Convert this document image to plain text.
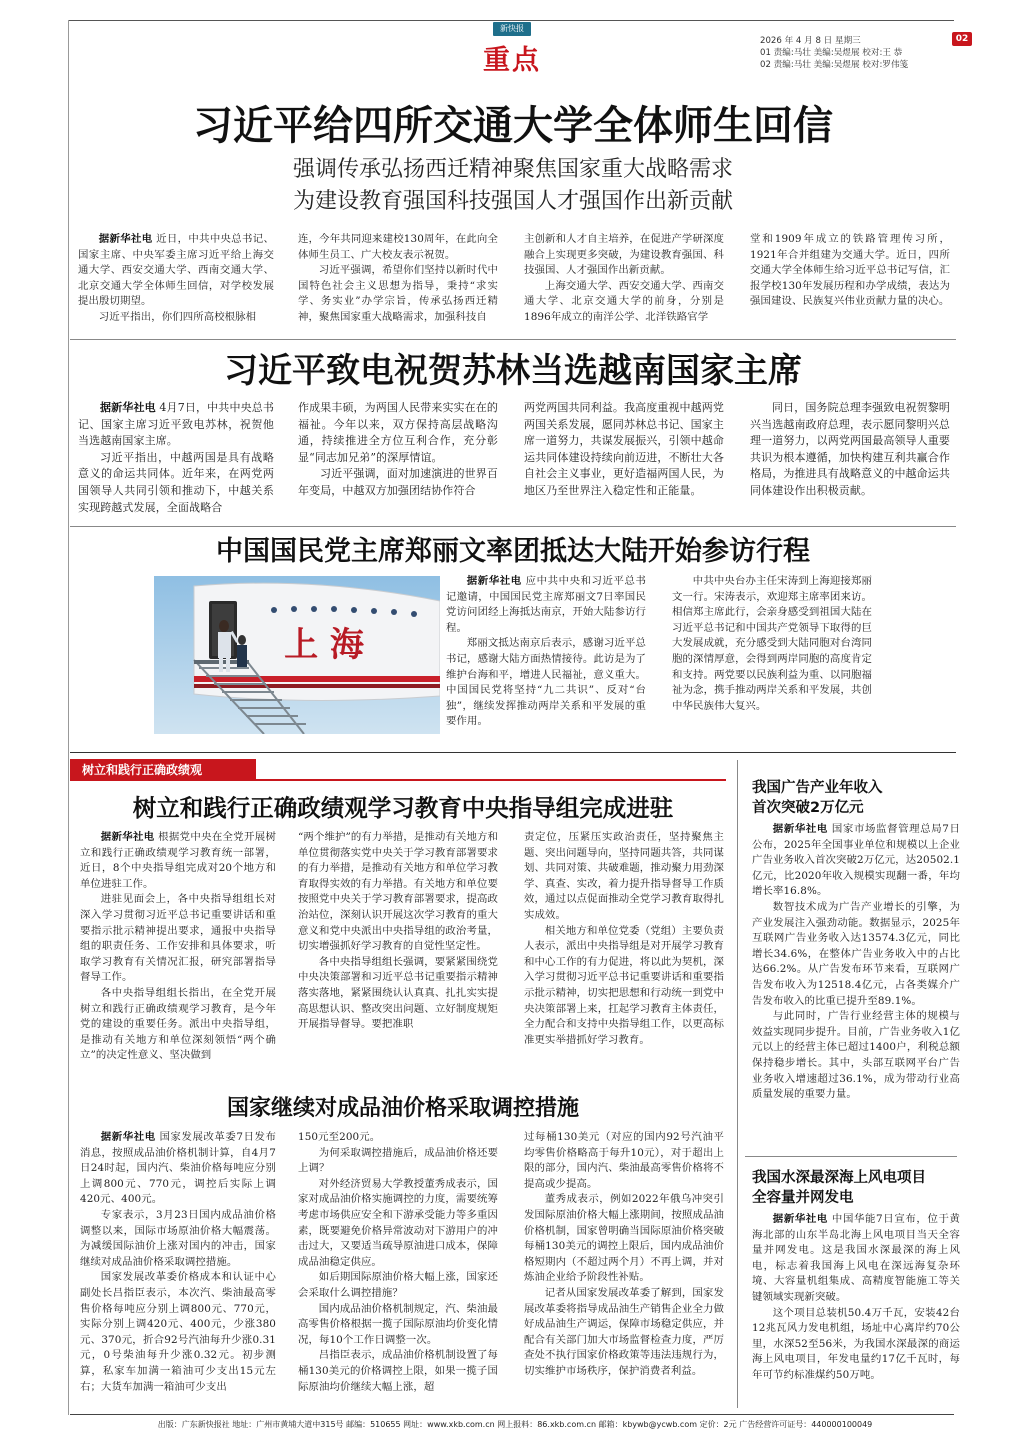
新快报
重点
2026 年 4 月 8 日 星期三
01 责编:马壮 美编:吴煜展 校对:王 恭
02 责编:马壮 美编:吴煜展 校对:罗伟笺
02
习近平给四所交通大学全体师生回信
强调传承弘扬西迁精神聚焦国家重大战略需求
为建设教育强国科技强国人才强国作出新贡献

据新华社电 近日，中共中央总书记、国家主席、中央军委主席习近平给上海交通大学、西安交通大学、西南交通大学、北京交通大学全体师生回信，对学校发展提出殷切期望。

习近平指出，你们四所高校根脉相

连，今年共同迎来建校130周年，在此向全体师生员工、广大校友表示祝贺。

习近平强调，希望你们坚持以新时代中国特色社会主义思想为指导，秉持“求实学、务实业”办学宗旨，传承弘扬西迁精神，聚焦国家重大战略需求，加强科技自

主创新和人才自主培养，在促进产学研深度融合上实现更多突破，为建设教育强国、科技强国、人才强国作出新贡献。

上海交通大学、西安交通大学、西南交通大学、北京交通大学的前身，分别是1896年成立的南洋公学、北洋铁路官学

堂和1909年成立的铁路管理传习所，1921年合并组建为交通大学。近日，四所交通大学全体师生给习近平总书记写信，汇报学校130年发展历程和办学成绩，表达为强国建设、民族复兴伟业贡献力量的决心。

习近平致电祝贺苏林当选越南国家主席

据新华社电 4月7日，中共中央总书记、国家主席习近平致电苏林，祝贺他当选越南国家主席。

习近平指出，中越两国是具有战略意义的命运共同体。近年来，在两党两国领导人共同引领和推动下，中越关系实现跨越式发展，全面战略合

作成果丰硕，为两国人民带来实实在在的福祉。今年以来，双方保持高层战略沟通，持续推进全方位互利合作，充分彰显“同志加兄弟”的深厚情谊。

习近平强调，面对加速演进的世界百年变局，中越双方加强团结协作符合

两党两国共同利益。我高度重视中越两党两国关系发展，愿同苏林总书记、国家主席一道努力，共谋发展振兴，引领中越命运共同体建设持续向前迈进，不断壮大各自社会主义事业，更好造福两国人民，为地区乃至世界注入稳定性和正能量。

同日，国务院总理李强致电祝贺黎明兴当选越南政府总理，表示愿同黎明兴总理一道努力，以两党两国最高领导人重要共识为根本遵循，加快构建互利共赢合作格局，为推进具有战略意义的中越命运共同体建设作出积极贡献。

中国国民党主席郑丽文率团抵达大陆开始参访行程
上 海

据新华社电 应中共中央和习近平总书记邀请，中国国民党主席郑丽文7日率国民党访问团经上海抵达南京，开始大陆参访行程。

郑丽文抵达南京后表示，感谢习近平总书记，感谢大陆方面热情接待。此访是为了维护台海和平，增进人民福祉，意义重大。中国国民党将坚持“九二共识”、反对“台独”，继续发挥推动两岸关系和平发展的重要作用。

中共中央台办主任宋涛到上海迎接郑丽文一行。宋涛表示，欢迎郑主席率团来访。相信郑主席此行，会亲身感受到祖国大陆在习近平总书记和中国共产党领导下取得的巨大发展成就，充分感受到大陆同胞对台湾同胞的深情厚意，会得到两岸同胞的高度肯定和支持。两党要以民族利益为重、以同胞福祉为念，携手推动两岸关系和平发展，共创中华民族伟大复兴。

树立和践行正确政绩观
树立和践行正确政绩观学习教育中央指导组完成进驻

据新华社电 根据党中央在全党开展树立和践行正确政绩观学习教育统一部署，近日，8个中央指导组完成对20个地方和单位进驻工作。

进驻见面会上，各中央指导组组长对深入学习贯彻习近平总书记重要讲话和重要指示批示精神提出要求，通报中央指导组的职责任务、工作安排和具体要求，听取学习教育有关情况汇报，研究部署指导督导工作。

各中央指导组组长指出，在全党开展树立和践行正确政绩观学习教育，是今年党的建设的重要任务。派出中央指导组，是推动有关地方和单位深刻领悟“两个确立”的决定性意义、坚决做到

“两个维护”的有力举措，是推动有关地方和单位贯彻落实党中央关于学习教育部署要求的有力举措，是推动有关地方和单位学习教育取得实效的有力举措。有关地方和单位要按照党中央关于学习教育部署要求，提高政治站位，深刻认识开展这次学习教育的重大意义和党中央派出中央指导组的政治考量，切实增强抓好学习教育的自觉性坚定性。

各中央指导组组长强调，要紧紧围绕党中央决策部署和习近平总书记重要指示精神落实落地，紧紧围绕认认真真、扎扎实实提高思想认识、整改突出问题、立好制度规矩开展指导督导。要把准职

责定位，压紧压实政治责任，坚持聚焦主题、突出问题导向，坚持同题共答，共同谋划、共同对策、共破难题，推动聚力用劲深学、真查、实改，着力提升指导督导工作质效，通过以点促面推动全党学习教育取得扎实成效。

相关地方和单位党委（党组）主要负责人表示，派出中央指导组是对开展学习教育和中心工作的有力促进，将以此为契机，深入学习贯彻习近平总书记重要讲话和重要指示批示精神，切实把思想和行动统一到党中央决策部署上来，扛起学习教育主体责任，全力配合和支持中央指导组工作，以更高标准更实举措抓好学习教育。

国家继续对成品油价格采取调控措施

据新华社电 国家发展改革委7日发布消息，按照成品油价格机制计算，自4月7日24时起，国内汽、柴油价格每吨应分别上调800元、770元，调控后实际上调420元、400元。

专家表示，3月23日国内成品油价格调整以来，国际市场原油价格大幅震荡。为减缓国际油价上涨对国内的冲击，国家继续对成品油价格采取调控措施。

国家发展改革委价格成本和认证中心副处长吕指臣表示，本次汽、柴油最高零售价格每吨应分别上调800元、770元，实际分别上调420元、400元，少涨380元、370元，折合92号汽油每升少涨0.31元，0号柴油每升少涨0.32元。初步测算，私家车加满一箱油可少支出15元左右；大货车加满一箱油可少支出

150元至200元。

为何采取调控措施后，成品油价格还要上调？

对外经济贸易大学教授董秀成表示，国家对成品油价格实施调控的力度，需要统筹考虑市场供应安全和下游承受能力等多重因素，既要避免价格异常波动对下游用户的冲击过大，又要适当疏导原油进口成本，保障成品油稳定供应。

如后期国际原油价格大幅上涨，国家还会采取什么调控措施？

国内成品油价格机制规定，汽、柴油最高零售价格根据一揽子国际原油均价变化情况，每10个工作日调整一次。

吕指臣表示，成品油价格机制设置了每桶130美元的价格调控上限，如果一揽子国际原油均价继续大幅上涨，超

过每桶130美元（对应的国内92号汽油平均零售价格略高于每升10元），对于超出上限的部分，国内汽、柴油最高零售价格将不提高或少提高。

董秀成表示，例如2022年俄乌冲突引发国际原油价格大幅上涨期间，按照成品油价格机制，国家曾明确当国际原油价格突破每桶130美元的调控上限后，国内成品油价格短期内（不超过两个月）不再上调，并对炼油企业给予阶段性补贴。

记者从国家发展改革委了解到，国家发展改革委将指导成品油生产销售企业全力做好成品油生产调运，保障市场稳定供应，并配合有关部门加大市场监督检查力度，严厉查处不执行国家价格政策等违法违规行为，切实维护市场秩序，保护消费者利益。

我国广告产业年收入
首次突破2万亿元

据新华社电 国家市场监督管理总局7日公布，2025年全国事业单位和规模以上企业广告业务收入首次突破2万亿元，达20502.1亿元，比2020年收入规模实现翻一番，年均增长率16.8%。

数智技术成为广告产业增长的引擎，为产业发展注入强劲动能。数据显示，2025年互联网广告业务收入达13574.3亿元，同比增长34.6%，在整体广告业务收入中的占比达66.2%。从广告发布环节来看，互联网广告发布收入为12518.4亿元，占各类媒介广告发布收入的比重已提升至89.1%。

与此同时，广告行业经营主体的规模与效益实现同步提升。目前，广告业务收入1亿元以上的经营主体已超过1400户，利税总额保持稳步增长。其中，头部互联网平台广告业务收入增速超过36.1%，成为带动行业高质量发展的重要力量。

我国水深最深海上风电项目
全容量并网发电

据新华社电 中国华能7日宣布，位于黄海北部的山东半岛北海上风电项目当天全容量并网发电。这是我国水深最深的海上风电，标志着我国海上风电在深远海复杂环境、大容量机组集成、高精度智能施工等关键领域实现新突破。

这个项目总装机50.4万千瓦，安装42台12兆瓦风力发电机组，场址中心离岸约70公里，水深52至56米，为我国水深最深的商运海上风电项目，年发电量约17亿千瓦时，每年可节约标准煤约50万吨。

出版：广东新快报社 地址：广州市黄埔大道中315号 邮编：510655 网址：www.xkb.com.cn 网上报料：86.xkb.com.cn 邮箱：kbywb@ycwb.com 定价：2元 广告经营许可证号：440000100049
